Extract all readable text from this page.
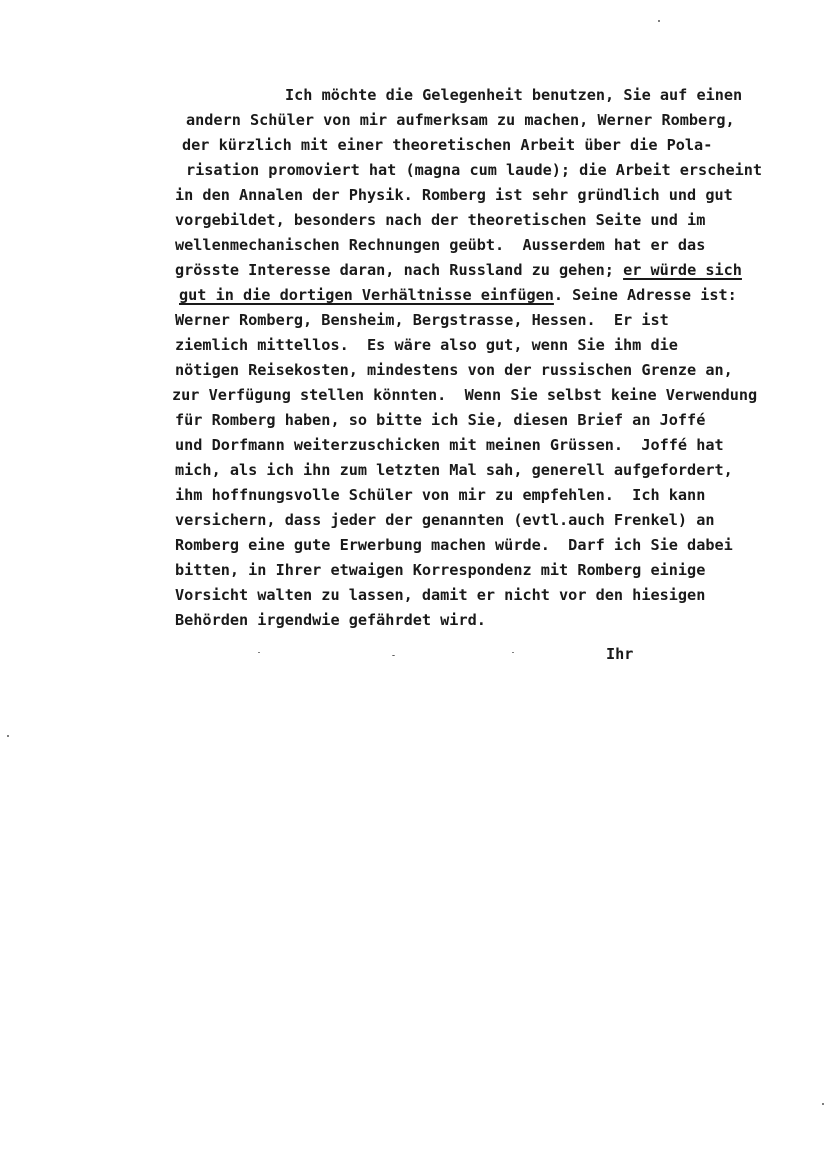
Ich möchte die Gelegenheit benutzen, Sie auf einen
andern Schüler von mir aufmerksam zu machen, Werner Romberg,
der kürzlich mit einer theoretischen Arbeit über die Pola-
risation promoviert hat (magna cum laude); die Arbeit erscheint
in den Annalen der Physik. Romberg ist sehr gründlich und gut
vorgebildet, besonders nach der theoretischen Seite und im
wellenmechanischen Rechnungen geübt.  Ausserdem hat er das
grösste Interesse daran, nach Russland zu gehen; er würde sich
gut in die dortigen Verhältnisse einfügen. Seine Adresse ist:
Werner Romberg, Bensheim, Bergstrasse, Hessen.  Er ist
ziemlich mittellos.  Es wäre also gut, wenn Sie ihm die
nötigen Reisekosten, mindestens von der russischen Grenze an,
zur Verfügung stellen könnten.  Wenn Sie selbst keine Verwendung
für Romberg haben, so bitte ich Sie, diesen Brief an Joffé
und Dorfmann weiterzuschicken mit meinen Grüssen.  Joffé hat
mich, als ich ihn zum letzten Mal sah, generell aufgefordert,
ihm hoffnungsvolle Schüler von mir zu empfehlen.  Ich kann
versichern, dass jeder der genannten (evtl.auch Frenkel) an
Romberg eine gute Erwerbung machen würde.  Darf ich Sie dabei
bitten, in Ihrer etwaigen Korrespondenz mit Romberg einige
Vorsicht walten zu lassen, damit er nicht vor den hiesigen
Behörden irgendwie gefährdet wird.
Ihr
